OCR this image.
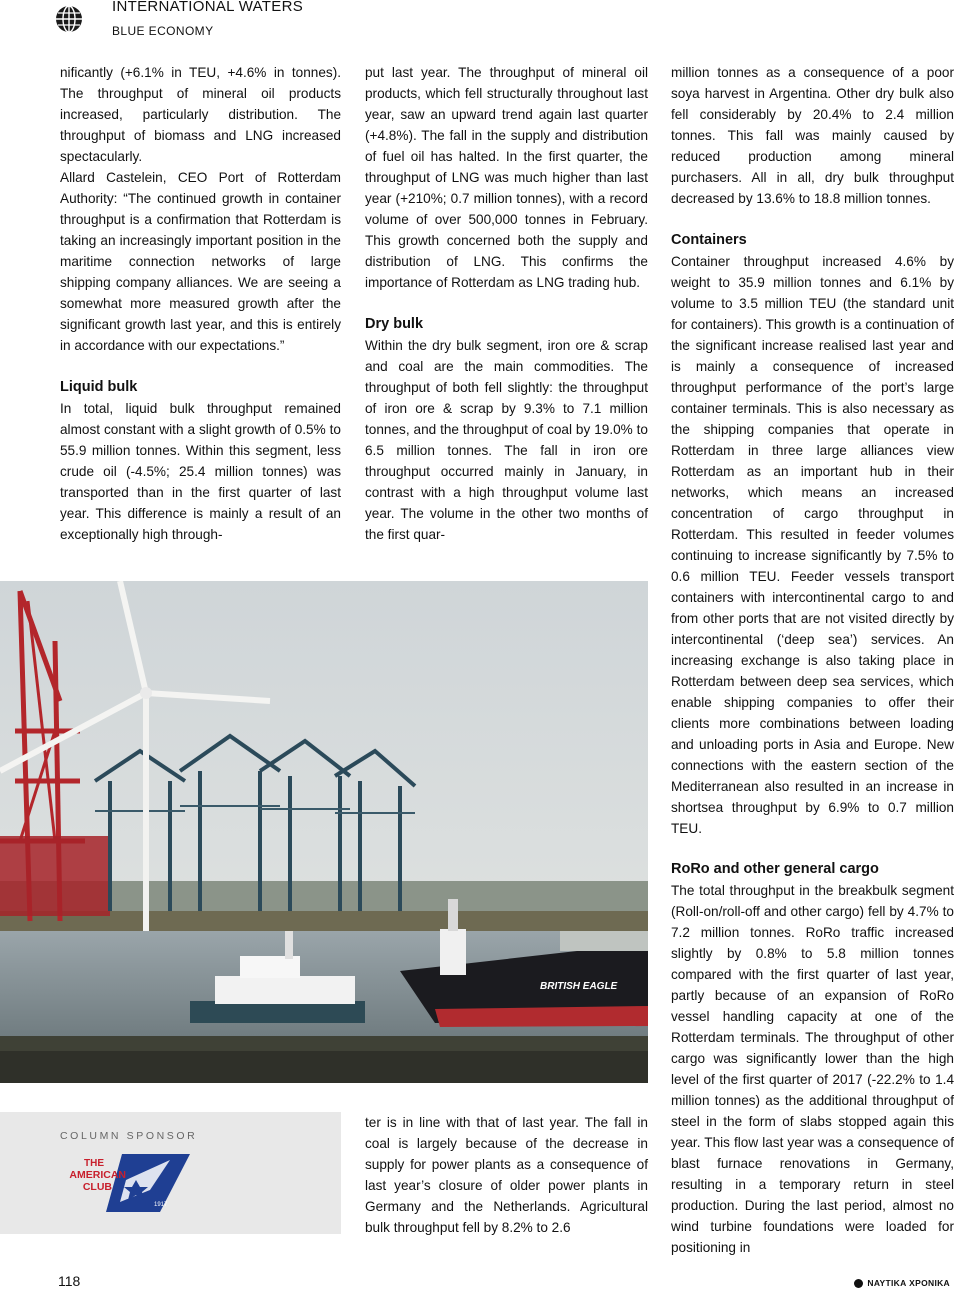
INTERNATIONAL WATERS
BLUE ECONOMY

nificantly (+6.1% in TEU, +4.6% in tonnes). The throughput of mineral oil products increased, particularly distribution. The throughput of biomass and LNG increased spectacularly.

Allard Castelein, CEO Port of Rotterdam Authority: “The continued growth in container throughput is a confirmation that Rotterdam is taking an increasingly important position in the maritime connection networks of large shipping company alliances. We are seeing a somewhat more measured growth after the significant growth last year, and this is entirely in accordance with our expectations.”

Liquid bulk

In total, liquid bulk throughput remained almost constant with a slight growth of 0.5% to 55.9 million tonnes. Within this segment, less crude oil (-4.5%; 25.4 million tonnes) was transported than in the first quarter of last year. This difference is mainly a result of an exceptionally high through-

put last year. The throughput of mineral oil products, which fell structurally throughout last year, saw an upward trend again last quarter (+4.8%). The fall in the supply and distribution of fuel oil has halted. In the first quarter, the throughput of LNG was much higher than last year (+210%; 0.7 million tonnes), with a record volume of over 500,000 tonnes in February. This growth concerned both the supply and distribution of LNG. This confirms the importance of Rotterdam as LNG trading hub.

Dry bulk

Within the dry bulk segment, iron ore & scrap and coal are the main commodities. The throughput of both fell slightly: the throughput of iron ore & scrap by 9.3% to 7.1 million tonnes, and the throughput of coal by 19.0% to 6.5 million tonnes. The fall in iron ore throughput occurred mainly in January, in contrast with a high throughput volume last year. The volume in the other two months of the first quar-

ter is in line with that of last year. The fall in coal is largely because of the decrease in supply for power plants as a consequence of last year’s closure of older power plants in Germany and the Netherlands. Agricultural bulk throughput fell by 8.2% to 2.6

million tonnes as a consequence of a poor soya harvest in Argentina. Other dry bulk also fell considerably by 20.4% to 2.4 million tonnes. This fall was mainly caused by reduced production among mineral purchasers. All in all, dry bulk throughput decreased by 13.6% to 18.8 million tonnes.

Containers

Container throughput increased 4.6% by weight to 35.9 million tonnes and 6.1% by volume to 3.5 million TEU (the standard unit for containers). This growth is a continuation of the significant increase realised last year and is mainly a consequence of increased throughput performance of the port’s large container terminals. This is also necessary as the shipping companies that operate in Rotterdam in three large alliances view Rotterdam as an important hub in their networks, which means an increased concentration of cargo throughput in Rotterdam. This resulted in feeder volumes continuing to increase significantly by 7.5% to 0.6 million TEU. Feeder vessels transport containers with intercontinental cargo to and from other ports that are not visited directly by intercontinental (‘deep sea’) services. An increasing exchange is also taking place in Rotterdam between deep sea services, which enable shipping companies to offer their clients more combinations between loading and unloading ports in Asia and Europe. New connections with the eastern section of the Mediterranean also resulted in an increase in shortsea throughput by 6.9% to 0.7 million TEU.

RoRo and other general cargo

The total throughput in the breakbulk segment (Roll-on/roll-off and other cargo) fell by 4.7% to 7.2 million tonnes. RoRo traffic increased slightly by 0.8% to 5.8 million tonnes compared with the first quarter of last year, partly because of an expansion of RoRo vessel handling capacity at one of the Rotterdam terminals. The throughput of other cargo was significantly lower than the high level of the first quarter of 2017 (-22.2% to 1.4 million tonnes) as the additional throughput of steel in the form of slabs stopped again this year. This flow last year was a consequence of blast furnace renovations in Germany, resulting in a temporary return in steel production. During the last period, almost no wind turbine foundations were loaded for positioning in

BRITISH EAGLE
COLUMN SPONSOR
THE
AMERICAN
CLUB
1917
118	ΝΑΥΤΙΚΑ ΧΡΟΝΙΚΑ
